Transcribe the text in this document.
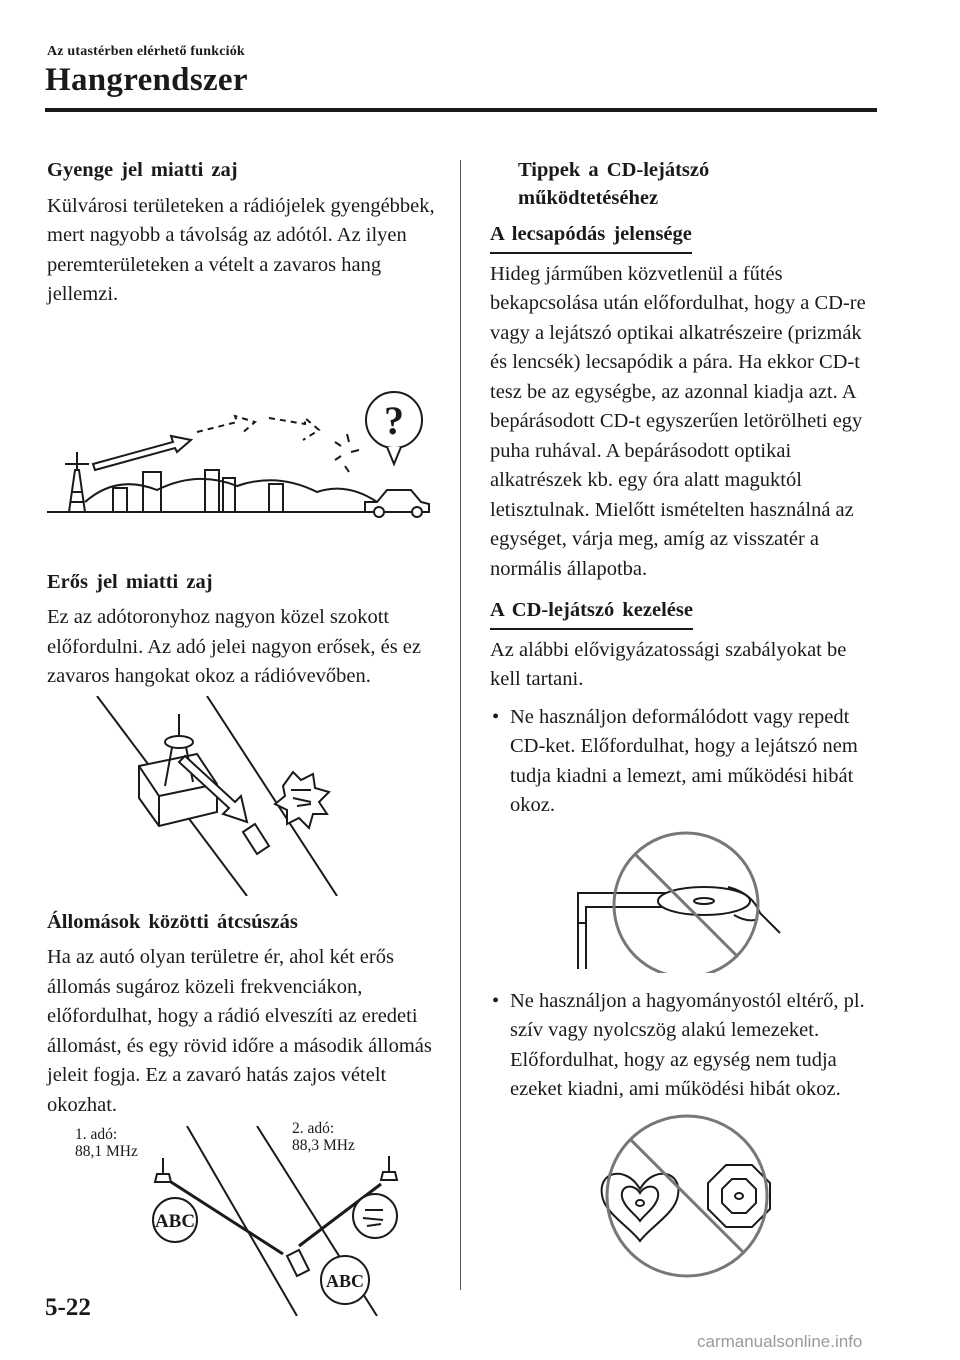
Az utastérben elérhető funkciók
Hangrendszer
Gyenge jel miatti zaj

Külvárosi területeken a rádiójelek gyengébbek, mert nagyobb a távolság az adótól. Az ilyen peremterületeken a vételt a zavaros hang jellemzi.

?
Erős jel miatti zaj

Ez az adótoronyhoz nagyon közel szokott előfordulni. Az adó jelei nagyon erősek, és ez zavaros hangokat okoz a rádióvevőben.

Állomások közötti átcsúszás

Ha az autó olyan területre ér, ahol két erős állomás sugároz közeli frekvenciákon, előfordulhat, hogy a rádió elveszíti az eredeti állomást, és egy rövid időre a második állomás jeleit fogja. Ez a zavaró hatás zajos vételt okozhat.

1. adó:
88,1 MHz
2. adó:
88,3 MHz
ABC
ABC
Tippek a CD-lejátszó
működtetéséhez
A lecsapódás jelensége

Hideg járműben közvetlenül a fűtés bekapcsolása után előfordulhat, hogy a CD-re vagy a lejátszó optikai alkatrészeire (prizmák és lencsék) lecsapódik a pára. Ha ekkor CD-t tesz be az egységbe, az azonnal kiadja azt. A bepárásodott CD-t egyszerűen letörölheti egy puha ruhával. A bepárásodott optikai alkatrészek kb. egy óra alatt maguktól letisztulnak. Mielőtt ismételten használná az egységet, várja meg, amíg az visszatér a normális állapotba.

A CD-lejátszó kezelése

Az alábbi elővigyázatossági szabályokat be kell tartani.

• Ne használjon deformálódott vagy repedt CD-ket. Előfordulhat, hogy a lejátszó nem tudja kiadni a lemezt, ami működési hibát okoz.
• Ne használjon a hagyományostól eltérő, pl. szív vagy nyolcszög alakú lemezeket. Előfordulhat, hogy az egység nem tudja ezeket kiadni, ami működési hibát okoz.
5-22
carmanualsonline.info
